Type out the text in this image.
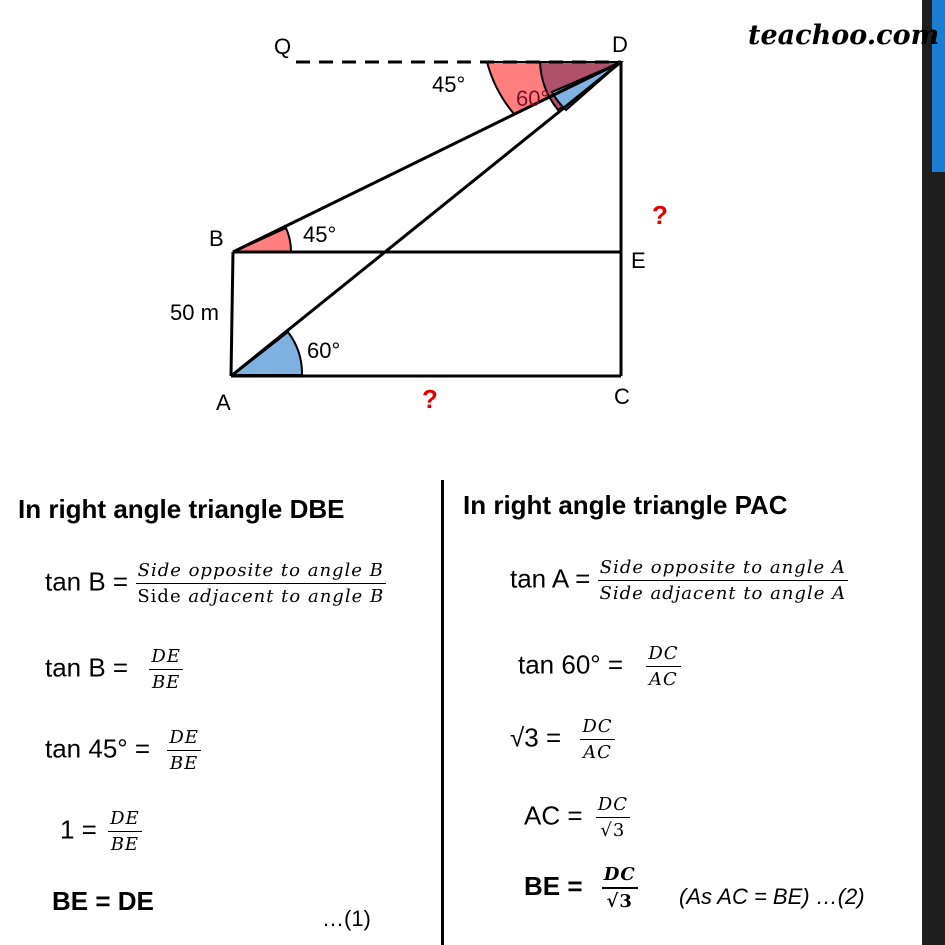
teachoo.com
Q	D
B
E
A	C
45°
60°
45°
60°
50 m
?
?
In right angle triangle DBE
$\tan B = \frac{\text{Side opposite to angle B}}{\text{Side adjacent to angle B}}$
$\tan B = \frac{DE}{BE}$
$\tan 45^\circ = \frac{DE}{BE}$
$1 = \frac{DE}{BE}$
BE = DE
…(1)
In right angle triangle PAC
$\tan A = \frac{\text{Side opposite to angle A}}{\text{Side adjacent to angle A}}$
$\tan 60^\circ = \frac{DC}{AC}$
$√3 = \frac{DC}{AC}$
AC = $\frac{DC}{√3}$
BE = $\frac{DC}{√3} (As$ AC = BE) …(2)
